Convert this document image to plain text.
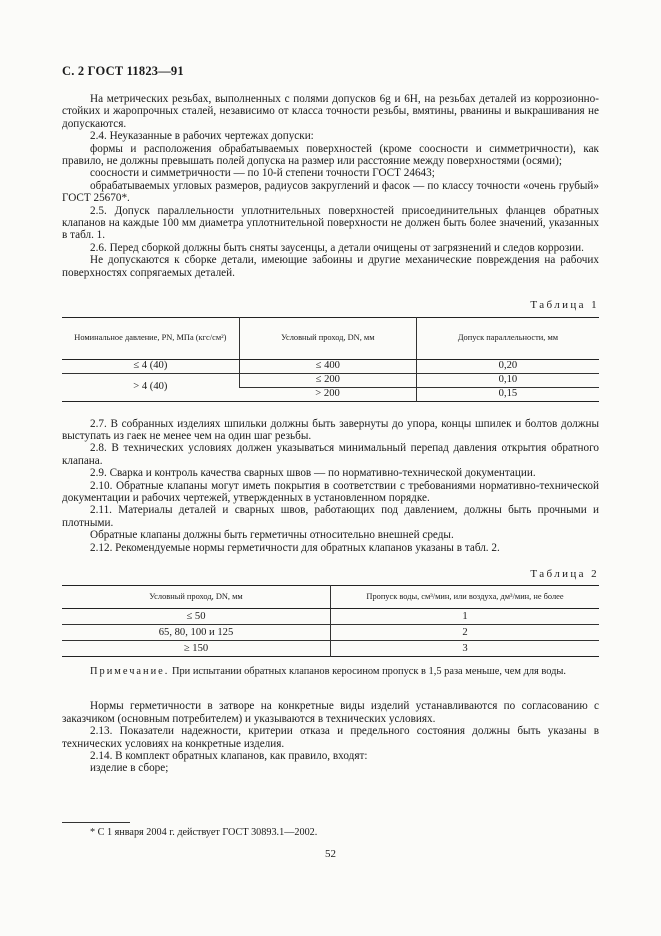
С. 2 ГОСТ 11823—91

На метрических резьбах, выполненных с полями допусков 6g и 6H, на резьбах деталей из коррозионно-стойких и жаропрочных сталей, независимо от класса точности резьбы, вмятины, рванины и выкрашивания не допускаются.

2.4. Неуказанные в рабочих чертежах допуски:

формы и расположения обрабатываемых поверхностей (кроме соосности и симметричности), как правило, не должны превышать полей допуска на размер или расстояние между поверхностями (осями);

соосности и симметричности — по 10-й степени точности ГОСТ 24643;

обрабатываемых угловых размеров, радиусов закруглений и фасок — по классу точности «очень грубый» ГОСТ 25670*.

2.5. Допуск параллельности уплотнительных поверхностей присоединительных фланцев обратных клапанов на каждые 100 мм диаметра уплотнительной поверхности не должен быть более значений, указанных в табл. 1.

2.6. Перед сборкой должны быть сняты заусенцы, а детали очищены от загрязнений и следов коррозии.

Не допускаются к сборке детали, имеющие забоины и другие механические повреждения на рабочих поверхностях сопрягаемых деталей.

Таблица 1
Номинальное давление, PN, МПа (кгс/см²)	Условный проход, DN, мм	Допуск параллельности, мм
≤ 4 (40)	≤ 400	0,20
> 4 (40)	≤ 200	0,10
	> 200	0,15

2.7. В собранных изделиях шпильки должны быть завернуты до упора, концы шпилек и болтов должны выступать из гаек не менее чем на один шаг резьбы.

2.8. В технических условиях должен указываться минимальный перепад давления открытия обратного клапана.

2.9. Сварка и контроль качества сварных швов — по нормативно-технической документации.

2.10. Обратные клапаны могут иметь покрытия в соответствии с требованиями нормативно-технической документации и рабочих чертежей, утвержденных в установленном порядке.

2.11. Материалы деталей и сварных швов, работающих под давлением, должны быть прочными и плотными.

Обратные клапаны должны быть герметичны относительно внешней среды.

2.12. Рекомендуемые нормы герметичности для обратных клапанов указаны в табл. 2.

Таблица 2
Условный проход, DN, мм	Пропуск воды, см³/мин, или воздуха, дм³/мин, не более
≤ 50	1
65, 80, 100 и 125	2
≥ 150	3
Примечание. При испытании обратных клапанов керосином пропуск в 1,5 раза меньше, чем для воды.

Нормы герметичности в затворе на конкретные виды изделий устанавливаются по согласованию с заказчиком (основным потребителем) и указываются в технических условиях.

2.13. Показатели надежности, критерии отказа и предельного состояния должны быть указаны в технических условиях на конкретные изделия.

2.14. В комплект обратных клапанов, как правило, входят:

изделие в сборе;

* С 1 января 2004 г. действует ГОСТ 30893.1—2002.
52
